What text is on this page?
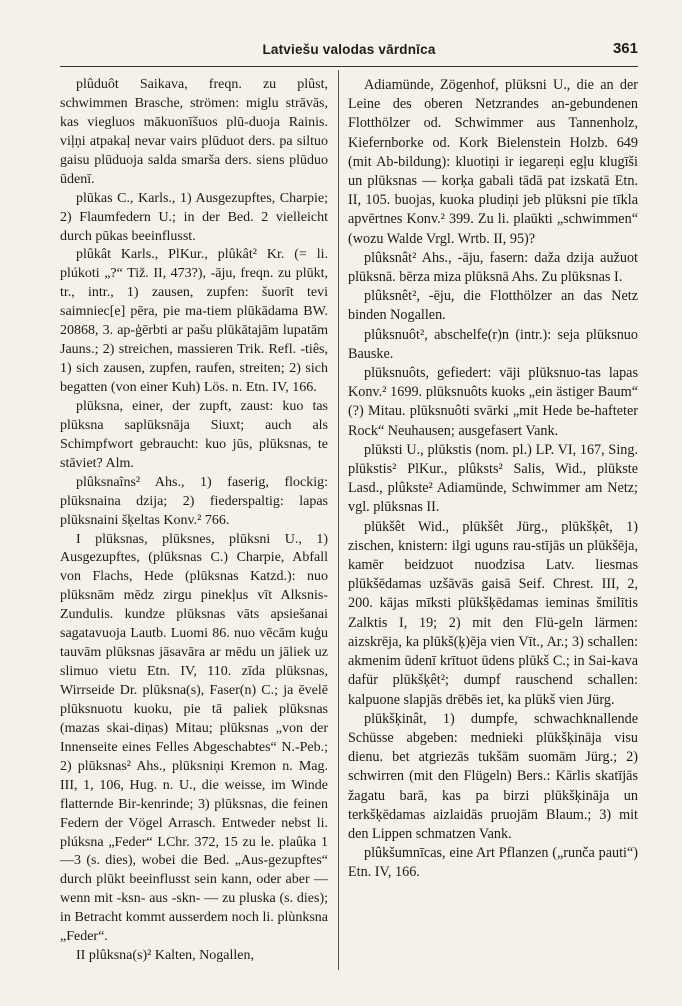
Latviešu valodas vārdnīca	361

plûduôt Saikava, freqn. zu plûst, schwimmen Brasche, strömen: miglu strāvās, kas viegluos mākuonīšuos plū-duoja Rainis. viļņi atpakaļ nevar vairs plūduot ders. pa siltuo gaisu plūduoja salda smarša ders. siens plūduo ūdenī.

plūkas C., Karls., 1) Ausgezupftes, Charpie; 2) Flaumfedern U.; in der Bed. 2 vielleicht durch pūkas beeinflusst.

plûkât Karls., PlKur., plûkât² Kr. (= li. plúkoti „?“ Tiž. II, 473?), -āju, freqn. zu plūkt, tr., intr., 1) zausen, zupfen: šuorīt tevi saimniec[e] pēra, pie ma-tiem plūkādama BW. 20868, 3. ap-ģērbti ar pašu plūkātajām lupatām Jauns.; 2) streichen, massieren Trik. Refl. -tiês, 1) sich zausen, zupfen, raufen, streiten; 2) sich begatten (von einer Kuh) Lös. n. Etn. IV, 166.

plūksna, einer, der zupft, zaust: kuo tas plūksna saplūksnāja Siuxt; auch als Schimpfwort gebraucht: kuo jūs, plūksnas, te stāviet? Alm.

plûksnaîns² Ahs., 1) faserig, flockig: plūksnaina dzija; 2) fiederspaltig: lapas plūksnaini šķeltas Konv.² 766.

I plūksnas, plūksnes, plūksni U., 1) Ausgezupftes, (plūksnas C.) Charpie, Abfall von Flachs, Hede (plūksnas Katzd.): nuo plūksnām mēdz zirgu pinekļus vīt Alksnis-Zundulis. kundze plūksnas vāts apsiešanai sagatavuoja Lautb. Luomi 86. nuo vēcām kuģu tauvām plūksnas jāsavāra ar mēdu un jāliek uz slimuo vietu Etn. IV, 110. zīda plūksnas, Wirrseide Dr. plūksna(s), Faser(n) C.; ja ēvelē plūksnuotu kuoku, pie tā paliek plūksnas (mazas skai-diņas) Mitau; plūksnas „von der Innenseite eines Felles Abgeschabtes“ N.-Peb.; 2) plūksnas² Ahs., plūksniņi Kremon n. Mag. III, 1, 106, Hug. n. U., die weisse, im Winde flatternde Bir-kenrinde; 3) plūksnas, die feinen Federn der Vögel Arrasch. Entweder nebst li. plúksna „Feder“ LChr. 372, 15 zu le. plaûka 1—3 (s. dies), wobei die Bed. „Aus-gezupftes“ durch plūkt beeinflusst sein kann, oder aber — wenn mit -ksn- aus -skn- — zu pluska (s. dies); in Betracht kommt ausserdem noch li. plùnksna „Feder“.

II plûksna(s)² Kalten, Nogallen,

Adiamünde, Zögenhof, plūksni U., die an der Leine des oberen Netzrandes an-gebundenen Flotthölzer od. Schwimmer aus Tannenholz, Kiefernborke od. Kork Bielenstein Holzb. 649 (mit Ab-bildung): kluotiņi ir iegareņi egļu klugīši un plūksnas — korķa gabali tādā pat izskatā Etn. II, 105. buojas, kuoka pludiņi jeb plūksni pie tīkla apvērtnes Konv.² 399. Zu li. plaūkti „schwimmen“ (wozu Walde Vrgl. Wrtb. II, 95)?

plûksnât² Ahs., -āju, fasern: daža dzija aužuot plūksnā. bērza miza plūksnā Ahs. Zu plūksnas I.

plûksnêt², -ēju, die Flotthölzer an das Netz binden Nogallen.

plûksnuôt², abschelfe(r)n (intr.): seja plūksnuo Bauske.

plūksnuôts, gefiedert: vāji plūksnuo-tas lapas Konv.² 1699. plūksnuôts kuoks „ein ästiger Baum“ (?) Mitau. plūksnuôti svārki „mit Hede be-hafteter Rock“ Neuhausen; ausgefasert Vank.

plūksti U., plūkstis (nom. pl.) LP. VI, 167, Sing. plūkstis² PlKur., plûksts² Salis, Wid., plūkste Lasd., plûkste² Adiamünde, Schwimmer am Netz; vgl. plūksnas II.

plūkšêt Wid., plūkšêt Jürg., plūkšķêt, 1) zischen, knistern: ilgi uguns rau-stījās un plūkšēja, kamēr beidzuot nuodzisa Latv. liesmas plūkšēdamas uzšāvās gaisā Seif. Chrest. III, 2, 200. kājas mīksti plūkšķēdamas ieminas šmilītis Zalktis I, 19; 2) mit den Flü-geln lärmen: aizskrēja, ka plūkš(ķ)ēja vien Vīt., Ar.; 3) schallen: akmenim ūdenī krītuot ūdens plūkš C.; in Sai-kava dafür plūkšķêt²; dumpf rauschend schallen: kalpuone slapjās drēbēs iet, ka plūkš vien Jürg.

plūkšķinât, 1) dumpfe, schwachknallende Schüsse abgeben: mednieki plūkšķināja visu dienu. bet atgriezās tukšām suomām Jürg.; 2) schwirren (mit den Flügeln) Bers.: Kārlis skatījās žagatu barā, kas pa birzi plūkšķināja un terkšķēdamas aizlaidās pruojām Blaum.; 3) mit den Lippen schmatzen Vank.

plûkšumnīcas, eine Art Pflanzen („runča pauti“) Etn. IV, 166.
